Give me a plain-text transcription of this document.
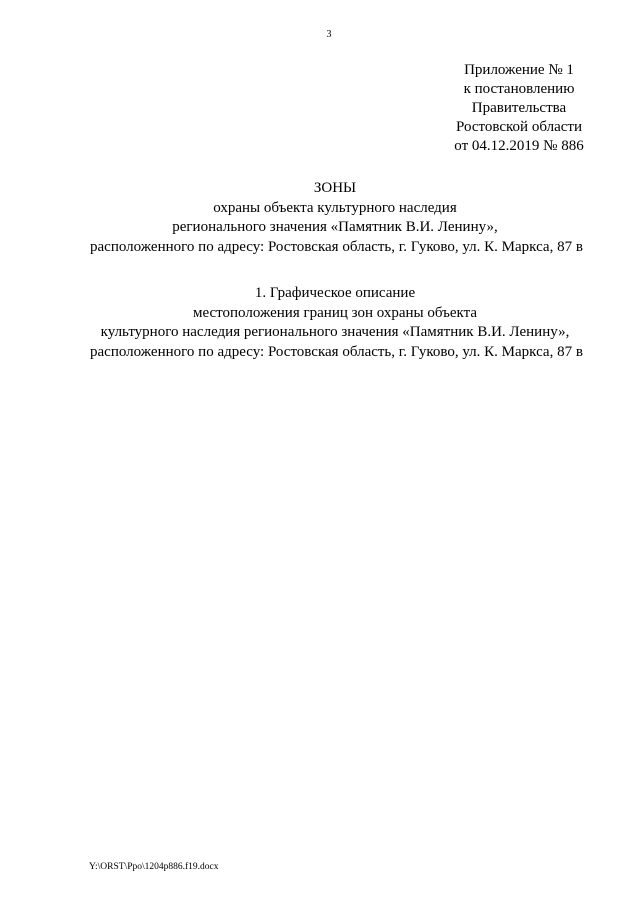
3
Приложение № 1
к постановлению
Правительства
Ростовской области
от 04.12.2019 № 886
ЗОНЫ
охраны объекта культурного наследия
регионального значения «Памятник В.И. Ленину»,
расположенного по адресу: Ростовская область, г. Гуково, ул. К. Маркса, 87 в
1. Графическое описание
местоположения границ зон охраны объекта
культурного наследия регионального значения «Памятник В.И. Ленину»,
расположенного по адресу: Ростовская область, г. Гуково, ул. К. Маркса, 87 в
Y:\ORST\Ppo\1204p886.f19.docx
